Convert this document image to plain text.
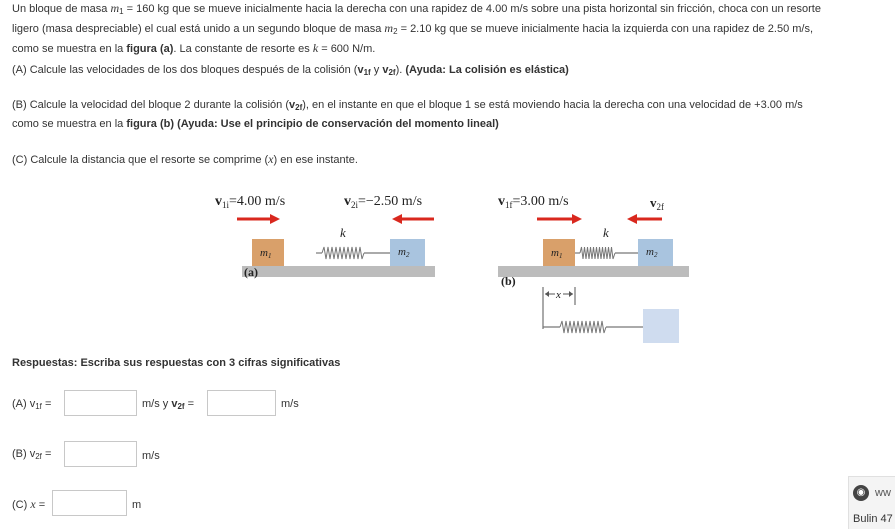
Un bloque de masa $m_1 = 160$ kg que se mueve inicialmente hacia la derecha con una rapidez de 4.00 m/s sobre una pista horizontal sin fricción, choca con un resorte
ligero (masa despreciable) el cual está unido a un segundo bloque de masa $m_2 = 2.10$ kg que se mueve inicialmente hacia la izquierda con una rapidez de 2.50 m/s,
como se muestra en la figura (a). La constante de resorte es k = 600 N/m.
(A) Calcule las velocidades de los dos bloques después de la colisión ($v_{1f}$ y $v_{2f}$). (Ayuda: La colisión es elástica)
(B) Calcule la velocidad del bloque 2 durante la colisión $(v_{2f})$, en el instante en que el bloque 1 se está moviendo hacia la derecha con una velocidad de +3.00 m/s
como se muestra en la figura (b) (Ayuda: Use el principio de conservación del momento lineal)
(C) Calcule la distancia que el resorte se comprime (x) en ese instante.
$v_{1i}=4.00$ m/s	$v_{2i}=-2.50$ m/s
k
m1	m2
(a)
$v_{1f}=3.00$ m/s	$v_{2f}$
k
m1	m2
(b)
x
Respuestas: Escriba sus respuestas con 3 cifras significativas
(A) $v_{1f}$ =	m/s y $v_{2f}$ =	m/s
(B) $v_{2f}$ =	m/s
(C) x =	m
◉ ww
Bulin 47
